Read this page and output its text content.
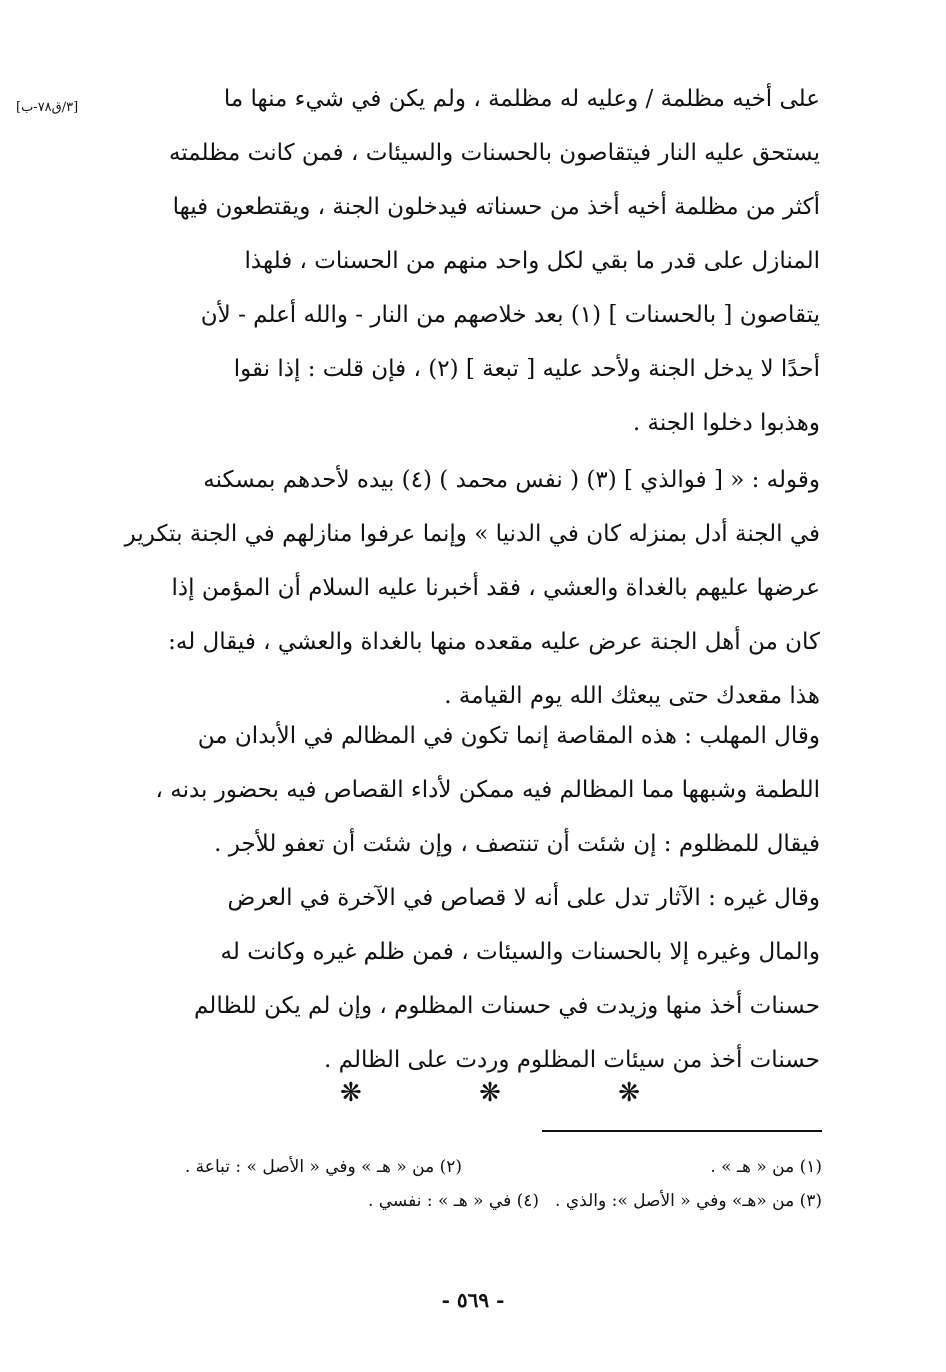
[٣/ق٧٨-ب]	على أخيه مظلمة / وعليه له مظلمة ، ولم يكن في شيء منها ما
يستحق عليه النار فيتقاصون بالحسنات والسيئات ، فمن كانت مظلمته
أكثر من مظلمة أخيه أخذ من حسناته فيدخلون الجنة ، ويقتطعون فيها
المنازل على قدر ما بقي لكل واحد منهم من الحسنات ، فلهذا
يتقاصون [ بالحسنات ] (١) بعد خلاصهم من النار - والله أعلم - لأن
أحدًا لا يدخل الجنة ولأحد عليه [ تبعة ] (٢) ، فإن قلت : إذا نقوا
وهذبوا دخلوا الجنة .
وقوله : « [ فوالذي ] (٣) ( نفس محمد ) (٤) بيده لأحدهم بمسكنه
في الجنة أدل بمنزله كان في الدنيا » وإنما عرفوا منازلهم في الجنة بتكرير
عرضها عليهم بالغداة والعشي ، فقد أخبرنا عليه السلام أن المؤمن إذا
كان من أهل الجنة عرض عليه مقعده منها بالغداة والعشي ، فيقال له:
هذا مقعدك حتى يبعثك الله يوم القيامة .
وقال المهلب : هذه المقاصة إنما تكون في المظالم في الأبدان من
اللطمة وشبهها مما المظالم فيه ممكن لأداء القصاص فيه بحضور بدنه ،
فيقال للمظلوم : إن شئت أن تنتصف ، وإن شئت أن تعفو للأجر .
وقال غيره : الآثار تدل على أنه لا قصاص في الآخرة في العرض
والمال وغيره إلا بالحسنات والسيئات ، فمن ظلم غيره وكانت له
حسنات أخذ منها وزيدت في حسنات المظلوم ، وإن لم يكن للظالم
حسنات أخذ من سيئات المظلوم وردت على الظالم .
❋
❋
❋
(١) من « هـ » .
(٢) من « هـ » وفي « الأصل » : تباعة .
(٣) من «هـ» وفي « الأصل »: والذي .
(٤) في « هـ » : نفسي .
- ٥٦٩ -
